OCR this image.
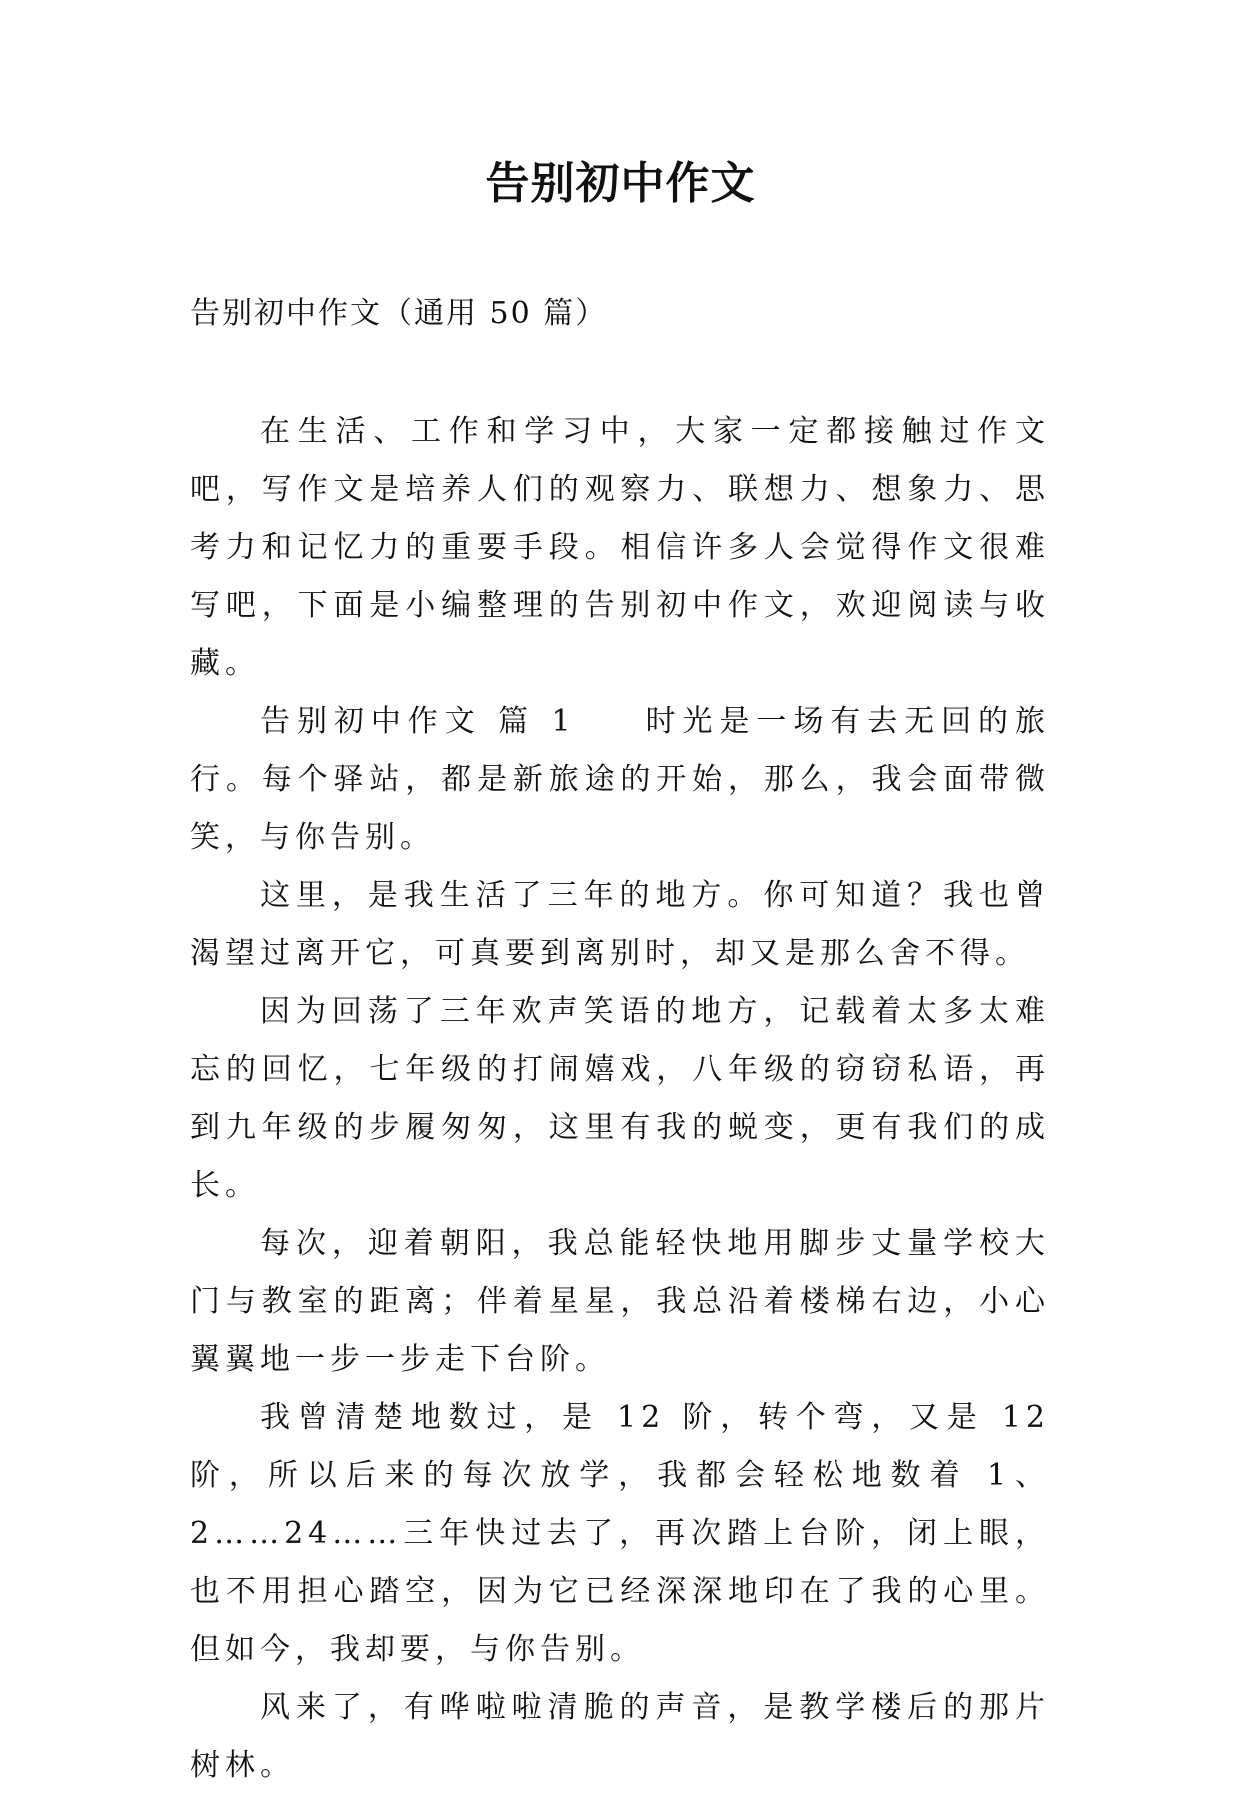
告别初中作文

告别初中作文（通用 50 篇）

在生活、工作和学习中，大家一定都接触过作文吧，写作文是培养人们的观察力、联想力、想象力、思考力和记忆力的重要手段。相信许多人会觉得作文很难写吧，下面是小编整理的告别初中作文，欢迎阅读与收藏。

告别初中作文 篇 1 时光是一场有去无回的旅行。每个驿站，都是新旅途的开始，那么，我会面带微笑，与你告别。

这里，是我生活了三年的地方。你可知道？我也曾渴望过离开它，可真要到离别时，却又是那么舍不得。

因为回荡了三年欢声笑语的地方，记载着太多太难忘的回忆，七年级的打闹嬉戏，八年级的窃窃私语，再到九年级的步履匆匆，这里有我的蜕变，更有我们的成长。

每次，迎着朝阳，我总能轻快地用脚步丈量学校大门与教室的距离；伴着星星，我总沿着楼梯右边，小心翼翼地一步一步走下台阶。

我曾清楚地数过，是 12 阶，转个弯，又是 12 阶，所以后来的每次放学，我都会轻松地数着 1、2……24……三年快过去了，再次踏上台阶，闭上眼，也不用担心踏空，因为它已经深深地印在了我的心里。但如今，我却要，与你告别。

风来了，有哗啦啦清脆的声音，是教学楼后的那片树林。
